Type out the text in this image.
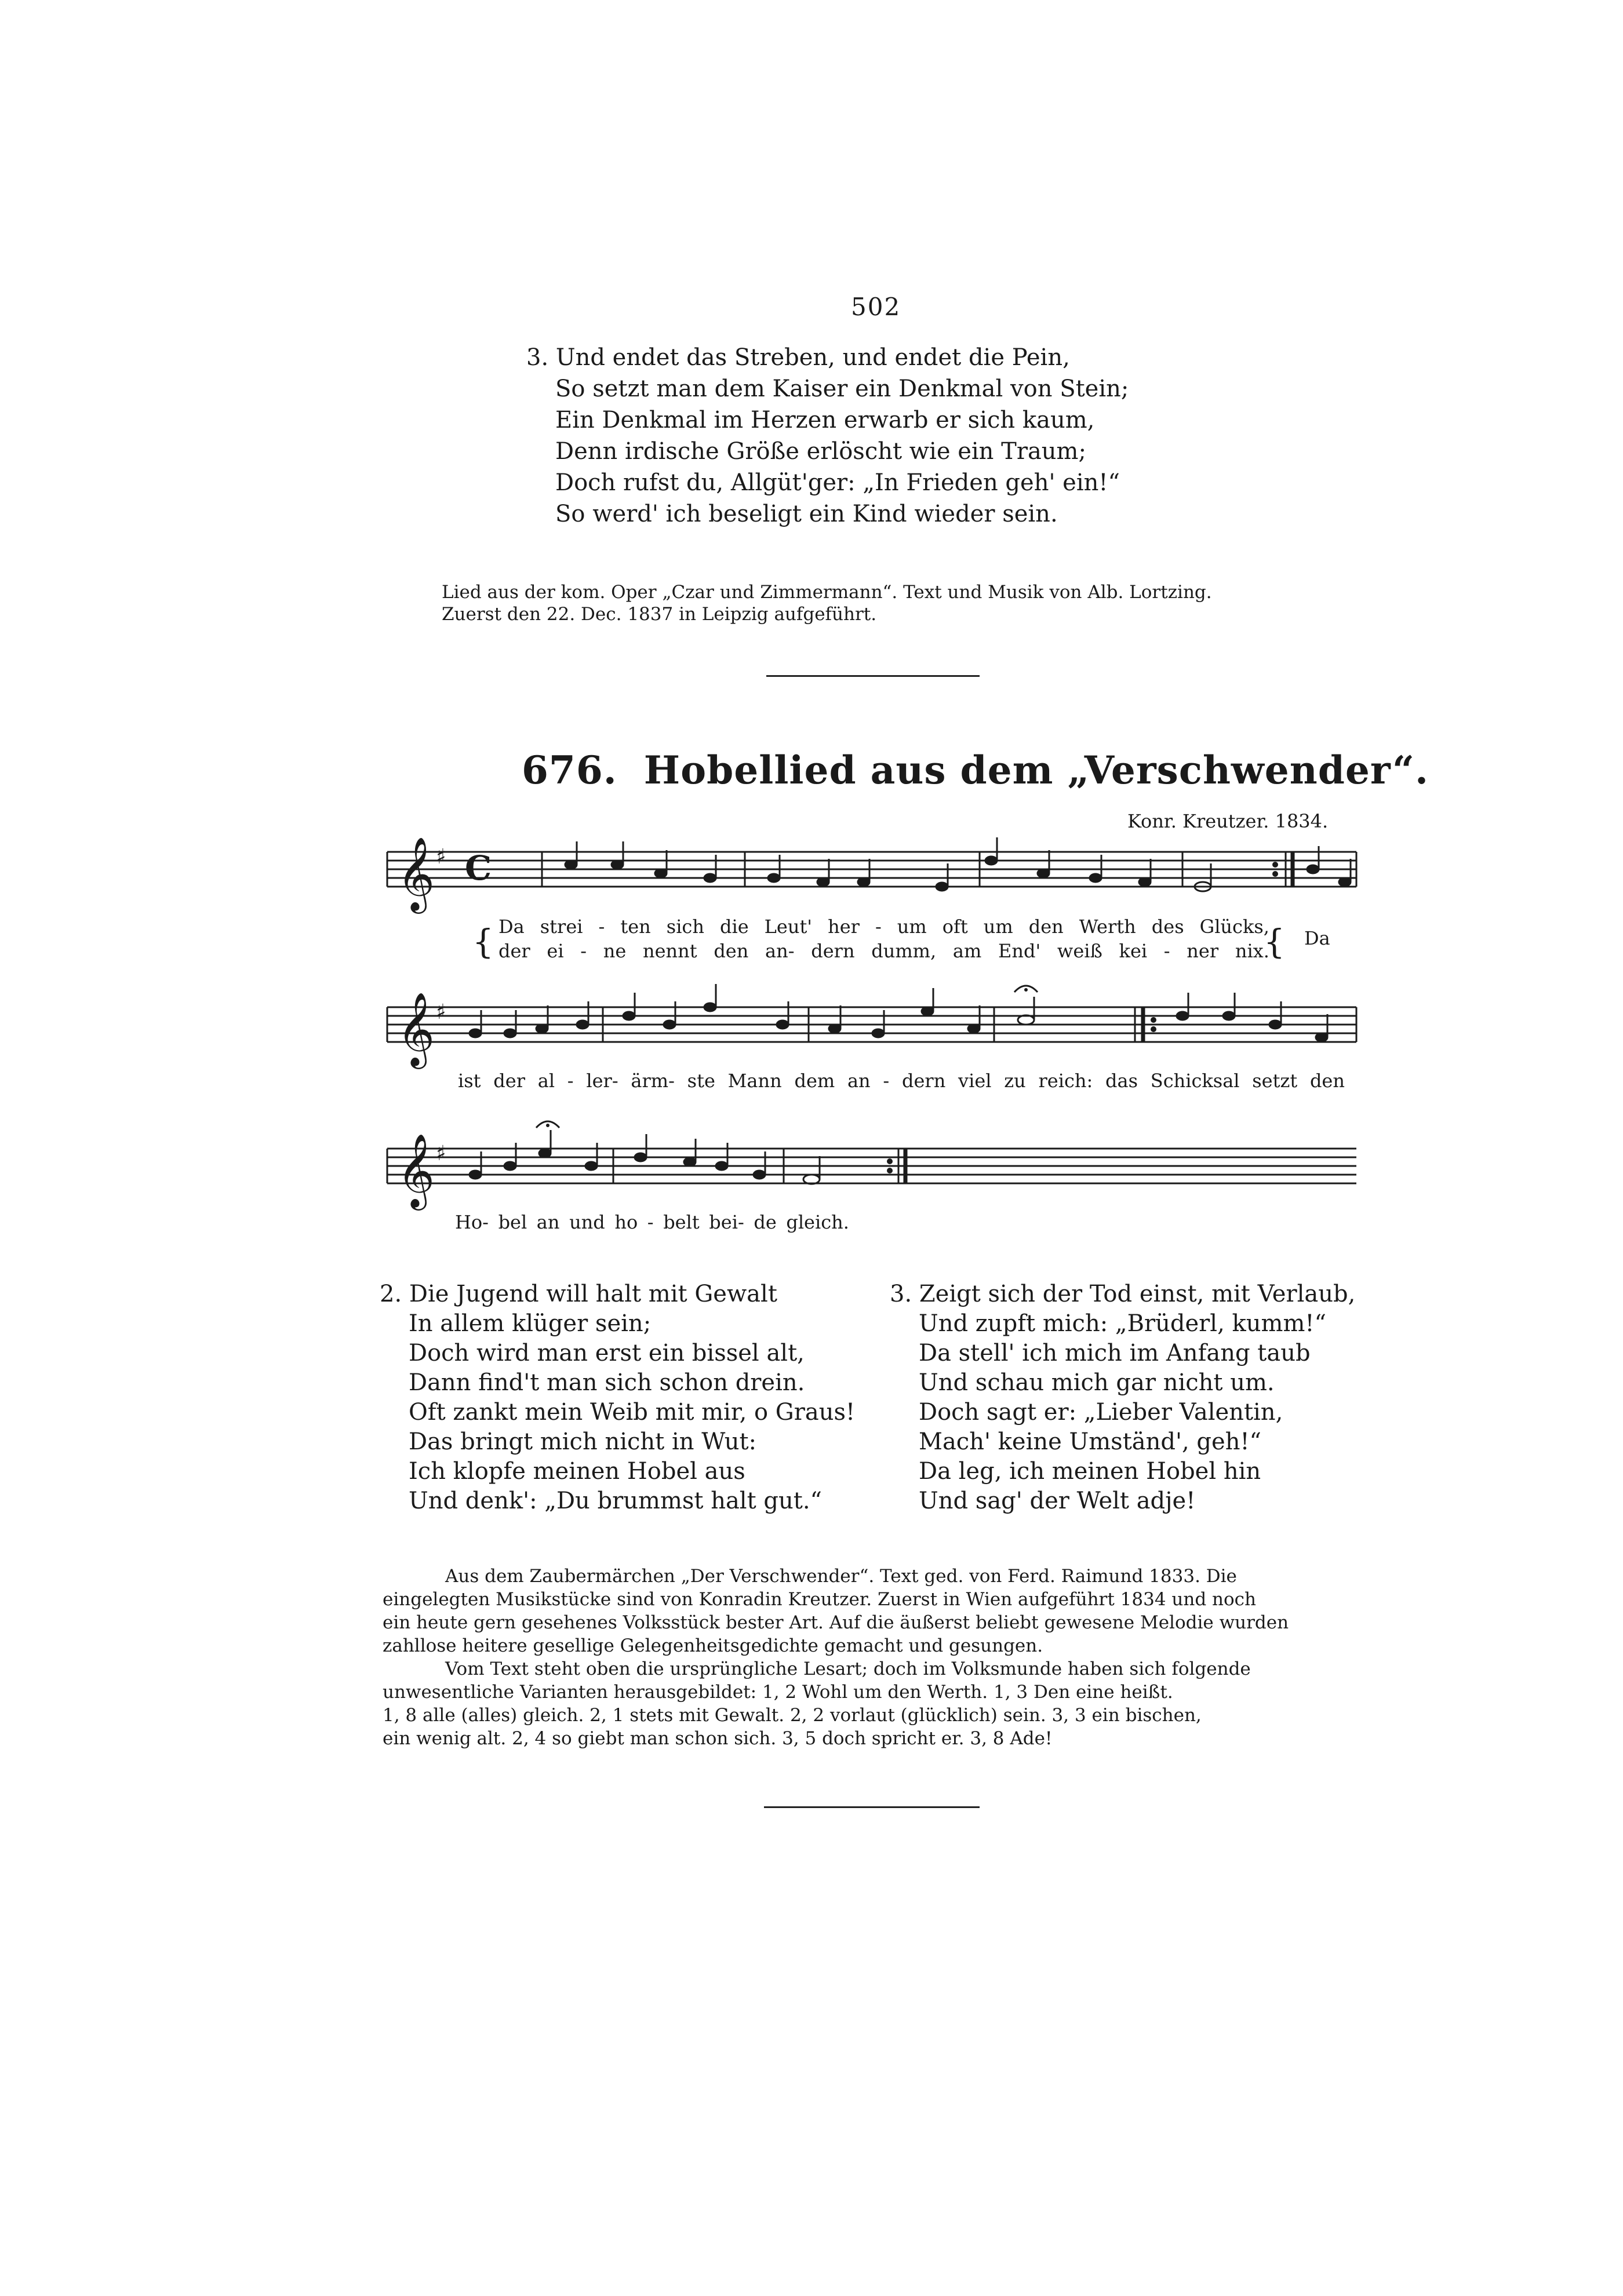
502
3. Und endet das Streben, und endet die Pein,
So setzt man dem Kaiser ein Denkmal von Stein;
Ein Denkmal im Herzen erwarb er sich kaum,
Denn irdische Größe erlöscht wie ein Traum;
Doch rufst du, Allgüt'ger: „In Frieden geh' ein!“
So werd' ich beseligt ein Kind wieder sein.
Lied aus der kom. Oper „Czar und Zimmermann“. Text und Musik von Alb. Lortzing.
Zuerst den 22. Dec. 1837 in Leipzig aufgeführt.
676. Hobellied aus dem „Verschwender“.
Konr. Kreutzer. 1834.
𝄞
𝄞
𝄞
♯
♯
♯
C
{	{
Da strei - ten sich die Leut' her - um oft um den Werth des Glücks,
der ei - ne nennt den an- dern dumm, am End' weiß kei - ner nix.
Da
ist der al - ler- ärm- ste Mann dem an - dern viel zu reich: das Schicksal setzt den
Ho- bel an und ho - belt bei- de gleich.
2. Die Jugend will halt mit Gewalt
In allem klüger sein;
Doch wird man erst ein bissel alt,
Dann find't man sich schon drein.
Oft zankt mein Weib mit mir, o Graus!
Das bringt mich nicht in Wut:
Ich klopfe meinen Hobel aus
Und denk': „Du brummst halt gut.“
3. Zeigt sich der Tod einst, mit Verlaub,
Und zupft mich: „Brüderl, kumm!“
Da stell' ich mich im Anfang taub
Und schau mich gar nicht um.
Doch sagt er: „Lieber Valentin,
Mach' keine Umständ', geh!“
Da leg, ich meinen Hobel hin
Und sag' der Welt adje!
Aus dem Zaubermärchen „Der Verschwender“. Text ged. von Ferd. Raimund 1833. Die
eingelegten Musikstücke sind von Konradin Kreutzer. Zuerst in Wien aufgeführt 1834 und noch
ein heute gern gesehenes Volksstück bester Art. Auf die äußerst beliebt gewesene Melodie wurden
zahllose heitere gesellige Gelegenheitsgedichte gemacht und gesungen.
Vom Text steht oben die ursprüngliche Lesart; doch im Volksmunde haben sich folgende
unwesentliche Varianten herausgebildet: 1, 2 Wohl um den Werth. 1, 3 Den eine heißt.
1, 8 alle (alles) gleich. 2, 1 stets mit Gewalt. 2, 2 vorlaut (glücklich) sein. 3, 3 ein bischen,
ein wenig alt. 2, 4 so giebt man schon sich. 3, 5 doch spricht er. 3, 8 Ade!
